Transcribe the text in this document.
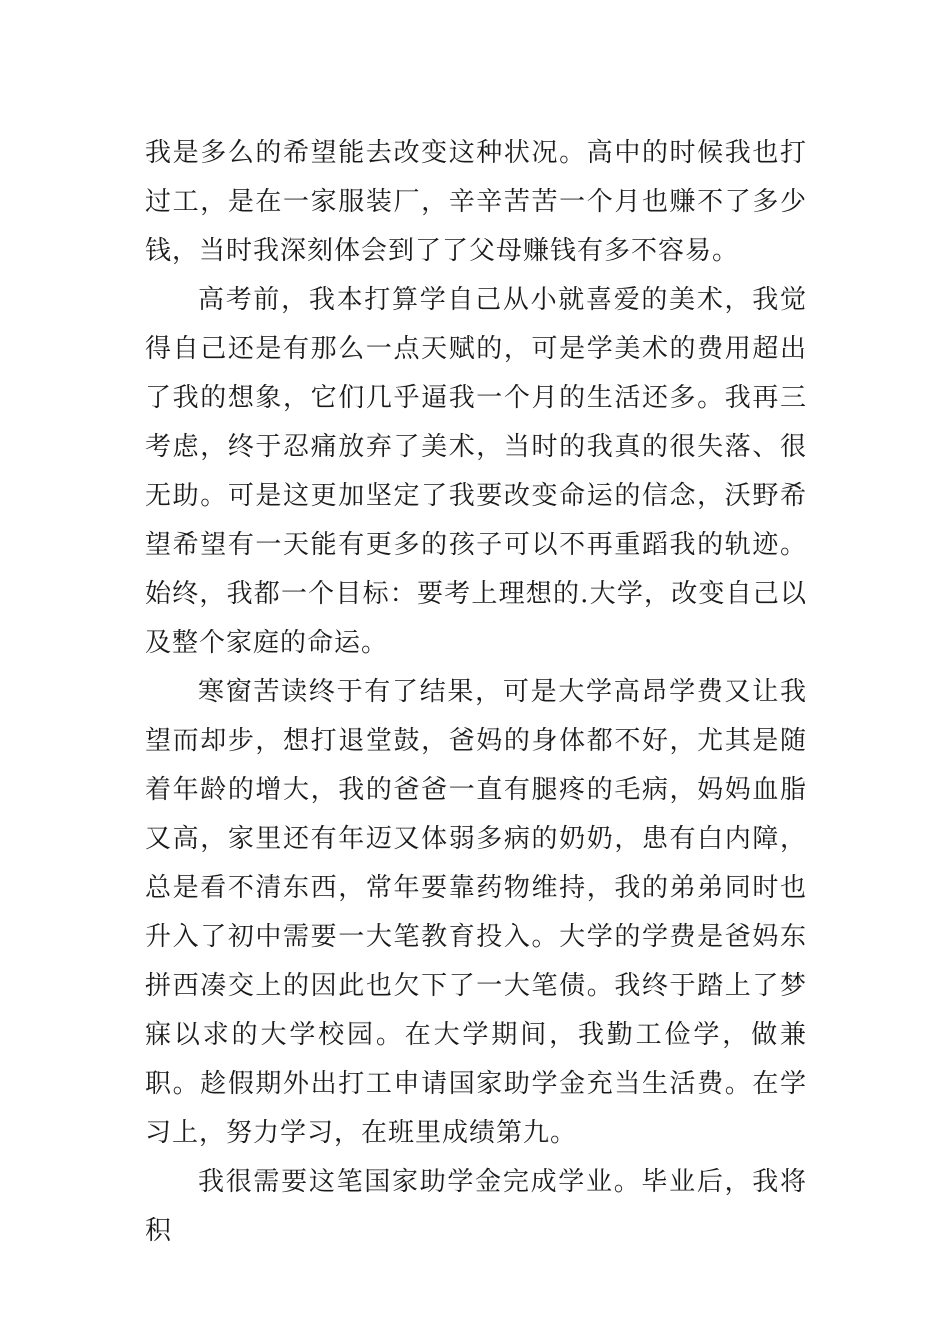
我是多么的希望能去改变这种状况。高中的时候我也打过工，是在一家服装厂，辛辛苦苦一个月也赚不了多少钱，当时我深刻体会到了了父母赚钱有多不容易。

高考前，我本打算学自己从小就喜爱的美术，我觉得自己还是有那么一点天赋的，可是学美术的费用超出了我的想象，它们几乎逼我一个月的生活还多。我再三考虑，终于忍痛放弃了美术，当时的我真的很失落、很无助。可是这更加坚定了我要改变命运的信念，沃野希望希望有一天能有更多的孩子可以不再重蹈我的轨迹。始终，我都一个目标：要考上理想的.大学，改变自己以及整个家庭的命运。

寒窗苦读终于有了结果，可是大学高昂学费又让我望而却步，想打退堂鼓，爸妈的身体都不好，尤其是随着年龄的增大，我的爸爸一直有腿疼的毛病，妈妈血脂又高，家里还有年迈又体弱多病的奶奶，患有白内障，总是看不清东西，常年要靠药物维持，我的弟弟同时也升入了初中需要一大笔教育投入。大学的学费是爸妈东拼西凑交上的因此也欠下了一大笔债。我终于踏上了梦寐以求的大学校园。在大学期间，我勤工俭学，做兼职。趁假期外出打工申请国家助学金充当生活费。在学习上，努力学习，在班里成绩第九。

我很需要这笔国家助学金完成学业。毕业后，我将积
